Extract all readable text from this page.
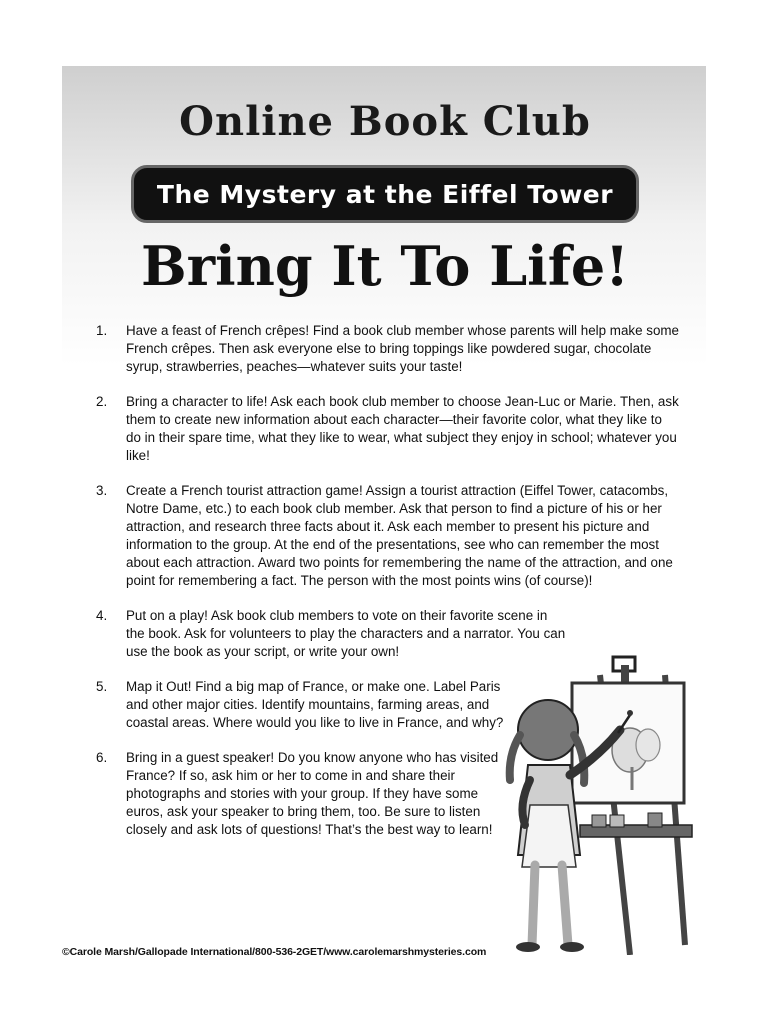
Online Book Club
The Mystery at the Eiffel Tower
Bring It To Life!
1. Have a feast of French crêpes! Find a book club member whose parents will help make some French crêpes. Then ask everyone else to bring toppings like powdered sugar, chocolate syrup, strawberries, peaches—whatever suits your taste!
2. Bring a character to life! Ask each book club member to choose Jean-Luc or Marie. Then, ask them to create new information about each character—their favorite color, what they like to do in their spare time, what they like to wear, what subject they enjoy in school; whatever you like!
3. Create a French tourist attraction game! Assign a tourist attraction (Eiffel Tower, catacombs, Notre Dame, etc.) to each book club member. Ask that person to find a picture of his or her attraction, and research three facts about it. Ask each member to present his picture and information to the group. At the end of the presentations, see who can remember the most about each attraction. Award two points for remembering the name of the attraction, and one point for remembering a fact. The person with the most points wins (of course)!
4. Put on a play! Ask book club members to vote on their favorite scene in the book. Ask for volunteers to play the characters and a narrator. You can use the book as your script, or write your own!
5. Map it Out! Find a big map of France, or make one. Label Paris and other major cities. Identify mountains, farming areas, and coastal areas. Where would you like to live in France, and why?
6. Bring in a guest speaker! Do you know anyone who has visited France? If so, ask him or her to come in and share their photographs and stories with your group. If they have some euros, ask your speaker to bring them, too. Be sure to listen closely and ask lots of questions! That’s the best way to learn!
©Carole Marsh/Gallopade International/800-536-2GET/www.carolemarshmysteries.com
